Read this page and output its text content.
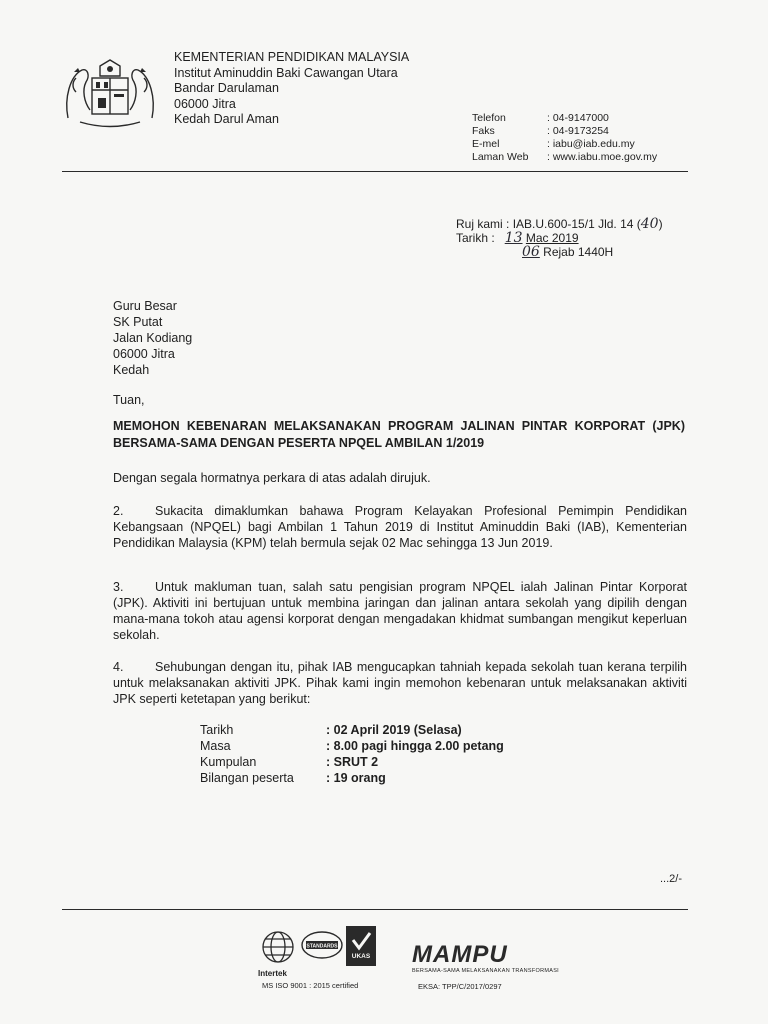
KEMENTERIAN PENDIDIKAN MALAYSIA
Institut Aminuddin Baki Cawangan Utara
Bandar Darulaman
06000 Jitra
Kedah Darul Aman	Telefon	: 04-9147000
Faks	: 04-9173254
E-mel	: iabu@iab.edu.my
Laman Web	: www.iabu.moe.gov.my
Ruj kami : IAB.U.600-15/1 Jld. 14 (40)
Tarikh : 13 Mac 2019
06 Rejab 1440H
Guru Besar
SK Putat
Jalan Kodiang
06000 Jitra
Kedah
Tuan,
MEMOHON KEBENARAN MELAKSANAKAN PROGRAM JALINAN PINTAR KORPORAT (JPK) BERSAMA-SAMA DENGAN PESERTA NPQEL AMBILAN 1/2019
Dengan segala hormatnya perkara di atas adalah dirujuk.
2.	Sukacita dimaklumkan bahawa Program Kelayakan Profesional Pemimpin Pendidikan Kebangsaan (NPQEL) bagi Ambilan 1 Tahun 2019 di Institut Aminuddin Baki (IAB), Kementerian Pendidikan Malaysia (KPM) telah bermula sejak 02 Mac sehingga 13 Jun 2019.
3.	Untuk makluman tuan, salah satu pengisian program NPQEL ialah Jalinan Pintar Korporat (JPK). Aktiviti ini bertujuan untuk membina jaringan dan jalinan antara sekolah yang dipilih dengan mana-mana tokoh atau agensi korporat dengan mengadakan khidmat sumbangan mengikut keperluan sekolah.
4.	Sehubungan dengan itu, pihak IAB mengucapkan tahniah kepada sekolah tuan kerana terpilih untuk melaksanakan aktiviti JPK. Pihak kami ingin memohon kebenaran untuk melaksanakan aktiviti JPK seperti ketetapan yang berikut:
Tarikh	: 02 April 2019 (Selasa)
Masa	: 8.00 pagi hingga 2.00 petang
Kumpulan	: SRUT 2
Bilangan peserta	: 19 orang
...2/-
Intertek
STANDARDS
UKAS
MS ISO 9001 : 2015 certified
MAMPU
BERSAMA-SAMA MELAKSANAKAN TRANSFORMASI
EKSA: TPP/C/2017/0297
